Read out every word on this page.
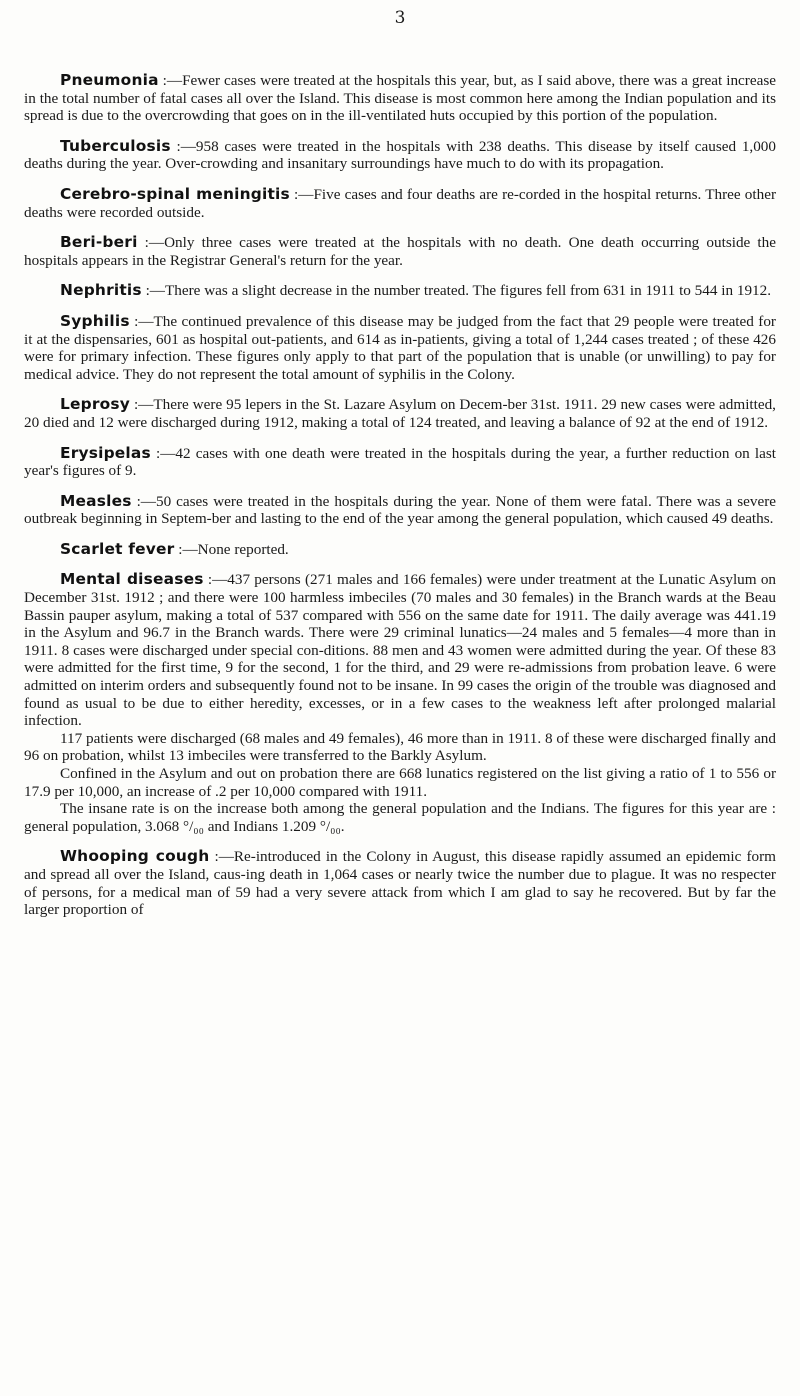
3

Pneumonia :—Fewer cases were treated at the hospitals this year, but, as I said above, there was a great increase in the total number of fatal cases all over the Island. This disease is most common here among the Indian population and its spread is due to the overcrowding that goes on in the ill-ventilated huts occupied by this portion of the population.

Tuberculosis :—958 cases were treated in the hospitals with 238 deaths. This disease by itself caused 1,000 deaths during the year. Over-crowding and insanitary surroundings have much to do with its propagation.

Cerebro-spinal meningitis :—Five cases and four deaths are re-corded in the hospital returns. Three other deaths were recorded outside.

Beri-beri :—Only three cases were treated at the hospitals with no death. One death occurring outside the hospitals appears in the Registrar General's return for the year.

Nephritis :—There was a slight decrease in the number treated. The figures fell from 631 in 1911 to 544 in 1912.

Syphilis :—The continued prevalence of this disease may be judged from the fact that 29 people were treated for it at the dispensaries, 601 as hospital out-patients, and 614 as in-patients, giving a total of 1,244 cases treated ; of these 426 were for primary infection. These figures only apply to that part of the population that is unable (or unwilling) to pay for medical advice. They do not represent the total amount of syphilis in the Colony.

Leprosy :—There were 95 lepers in the St. Lazare Asylum on Decem-ber 31st. 1911. 29 new cases were admitted, 20 died and 12 were discharged during 1912, making a total of 124 treated, and leaving a balance of 92 at the end of 1912.

Erysipelas :—42 cases with one death were treated in the hospitals during the year, a further reduction on last year's figures of 9.

Measles :—50 cases were treated in the hospitals during the year. None of them were fatal. There was a severe outbreak beginning in Septem-ber and lasting to the end of the year among the general population, which caused 49 deaths.

Scarlet fever :—None reported.

Mental diseases :—437 persons (271 males and 166 females) were under treatment at the Lunatic Asylum on December 31st. 1912 ; and there were 100 harmless imbeciles (70 males and 30 females) in the Branch wards at the Beau Bassin pauper asylum, making a total of 537 compared with 556 on the same date for 1911. The daily average was 441.19 in the Asylum and 96.7 in the Branch wards. There were 29 criminal lunatics—24 males and 5 females—4 more than in 1911. 8 cases were discharged under special con-ditions. 88 men and 43 women were admitted during the year. Of these 83 were admitted for the first time, 9 for the second, 1 for the third, and 29 were re-admissions from probation leave. 6 were admitted on interim orders and subsequently found not to be insane. In 99 cases the origin of the trouble was diagnosed and found as usual to be due to either heredity, excesses, or in a few cases to the weakness left after prolonged malarial infection.

117 patients were discharged (68 males and 49 females), 46 more than in 1911. 8 of these were discharged finally and 96 on probation, whilst 13 imbeciles were transferred to the Barkly Asylum.

Confined in the Asylum and out on probation there are 668 lunatics registered on the list giving a ratio of 1 to 556 or 17.9 per 10,000, an increase of .2 per 10,000 compared with 1911.

The insane rate is on the increase both among the general population and the Indians. The figures for this year are : general population, 3.068 °/₀₀ and Indians 1.209 °/₀₀.

Whooping cough :—Re-introduced in the Colony in August, this disease rapidly assumed an epidemic form and spread all over the Island, caus-ing death in 1,064 cases or nearly twice the number due to plague. It was no respecter of persons, for a medical man of 59 had a very severe attack from which I am glad to say he recovered. But by far the larger proportion of
